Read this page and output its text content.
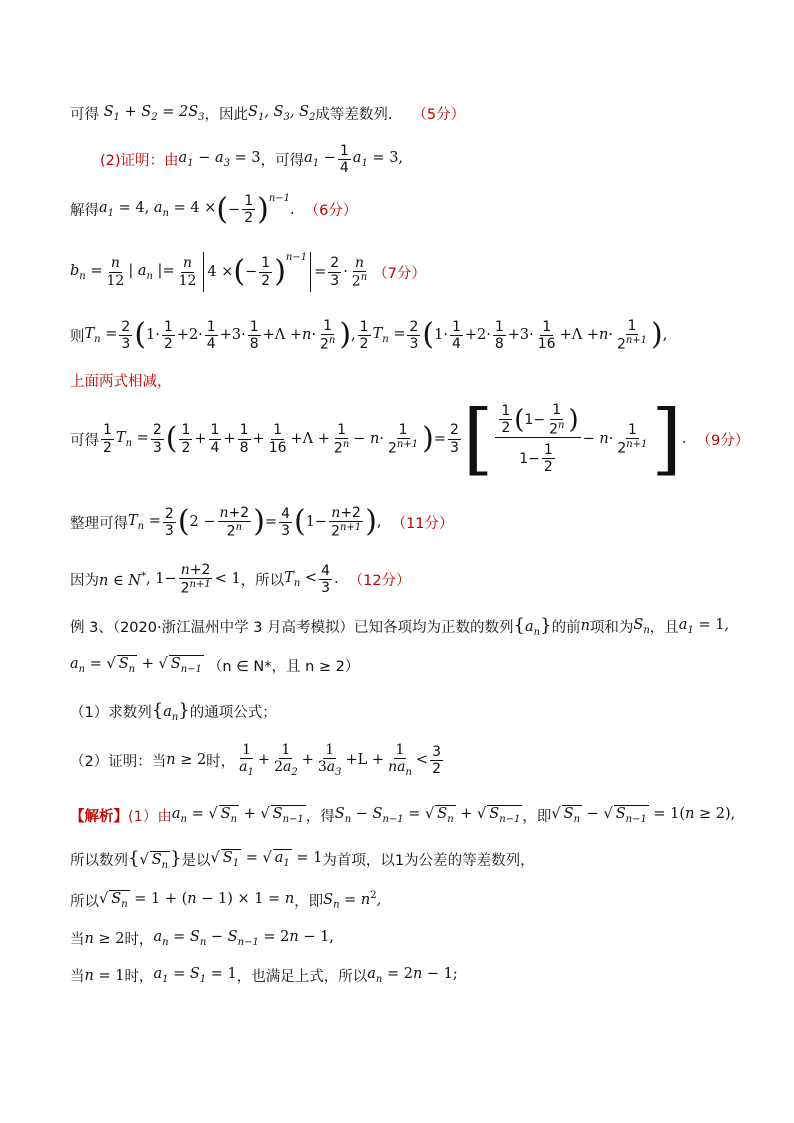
可得 $S_1 + S_2 = 2S_3$ ，因此 $S_1$, $S_3$, $S_2$ 成等差数列． （5分）
(2)证明：由 $a_1 - a_3 = 3$ ，可得 $a_1 - \frac{1}{4} a_1 = 3$,
解得 $a_1 = 4$, $a_n = 4$ × ( − $\frac{1}{2} )^{n-1}$
. （6分）
$b_n = \frac{n}{12}$ | $a_n$ |= $\frac{n}{12} 4$ × ( − $\frac{1}{2} )^{n-1}$
= $\frac{2}{3} \cdot \frac{n}{2^n} (7$分）
则 $T_n = \frac{2}{3}$ ( $1\cdot \frac{1}{2} +2\cdot \frac{1}{4} +3\cdot \frac{1}{8} +\Lambda +n\cdot \frac{1}{2^n}$ ) , $\frac{1}{2} T_n = \frac{2}{3}$ ( $1\cdot \frac{1}{4} +2\cdot \frac{1}{8} +3\cdot \frac{1}{16} +\Lambda +n\cdot \frac{1}{2^{n+1}}$ ) ,
上面两式相减，
可得 $\frac{1}{2} T_n = \frac{2}{3}$ ( $\frac{1}{2} + \frac{1}{4} + \frac{1}{8} + \frac{1}{16} +\Lambda + \frac{1}{2^n} - n\cdot \frac{1}{2^{n+1}}$ ) = $\frac{2}{3}$ [ $\frac{\frac{1}{2} ( 1- \frac{1}{2^n} )}{1- \frac{1}{2}} - n\cdot \frac{1}{2^{n+1}}$ ] . （9分）
整理可得 $T_n = \frac{2}{3}$ ( $2 - \frac{n+2}{2^n}$ ) = $\frac{4}{3}$ ( $1- \frac{n+2}{2^{n+1}}$ ) , （11分）
因为 n ∈ N* , $1- \frac{n+2}{2^{n+1}} < 1$ ，所以 $T_n < \frac{4}{3}$ . （12分）
例 3、（2020·浙江温州中学 3 月高考模拟）已知各项均为正数的数列 $\{a_n\}$ 的前 n 项和为 $S_n$ ，且 $a_1 = 1$,
$a_n$ = √ $S_n$ + √ $S_{n-1}$ （n ∈ N*，且 n ≥ 2）
（1）求数列 $\{a_n\}$ 的通项公式；
（2）证明：当 n ≥ 2 时， $\frac{1}{a_1} + \frac{1}{2a_2} + \frac{1}{3a_3} +L + \frac{1}{na_n} < \frac{3}{2}$
【解析】 (1）由 $a_n$ = √ $S_n$ + √ $S_{n-1}$ ，得 $S_n - S_{n-1}$ = √ $S_n$ + √ $S_{n-1}$ ，即 √ $S_n$ − √ $S_{n-1} = 1(n \ge 2)$,
所以数列 {√ $S_n$ } 是以 √ $S_1$ = √ $a_1 = 1$ 为首项，以1为公差的等差数列，
所以 √ $S_n = 1 + (n - 1) \times 1 = n$ ，即 $S_n = n^2$,
当 n ≥ 2 时， $a_n = S_n - S_{n-1} = 2n - 1$,
当 n = 1 时， $a_1 = S_1 = 1$ ，也满足上式，所以 $a_n = 2n - 1$;
